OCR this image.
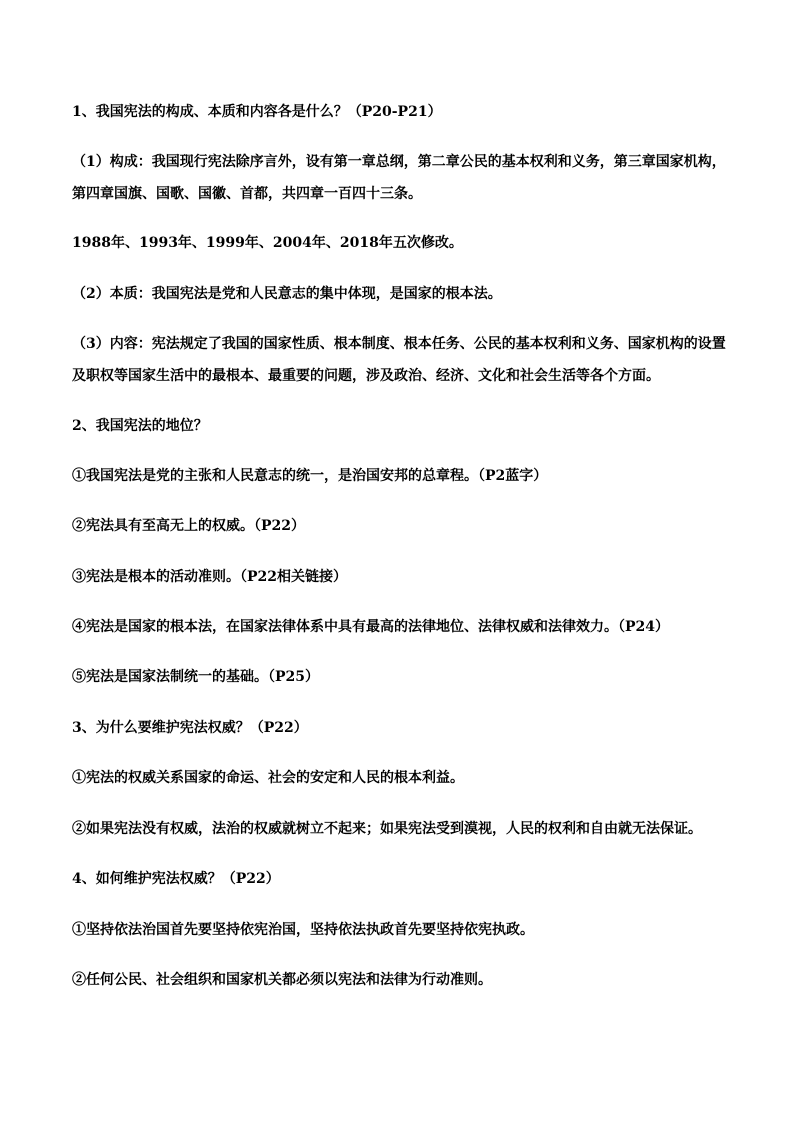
1、我国宪法的构成、本质和内容各是什么？（P20-P21）
（1）构成：我国现行宪法除序言外，设有第一章总纲，第二章公民的基本权利和义务，第三章国家机构，
第四章国旗、国歌、国徽、首都，共四章一百四十三条。
1988年、1993年、1999年、2004年、2018年五次修改。
（2）本质：我国宪法是党和人民意志的集中体现，是国家的根本法。
（3）内容：宪法规定了我国的国家性质、根本制度、根本任务、公民的基本权利和义务、国家机构的设置
及职权等国家生活中的最根本、最重要的问题，涉及政治、经济、文化和社会生活等各个方面。
2、我国宪法的地位？
①我国宪法是党的主张和人民意志的统一，是治国安邦的总章程。（P2蓝字）
②宪法具有至高无上的权威。（P22）
③宪法是根本的活动准则。（P22相关链接）
④宪法是国家的根本法，在国家法律体系中具有最高的法律地位、法律权威和法律效力。（P24）
⑤宪法是国家法制统一的基础。（P25）
3、为什么要维护宪法权威？（P22）
①宪法的权威关系国家的命运、社会的安定和人民的根本利益。
②如果宪法没有权威，法治的权威就树立不起来；如果宪法受到漠视，人民的权利和自由就无法保证。
4、如何维护宪法权威？（P22）
①坚持依法治国首先要坚持依宪治国，坚持依法执政首先要坚持依宪执政。
②任何公民、社会组织和国家机关都必须以宪法和法律为行动准则。
